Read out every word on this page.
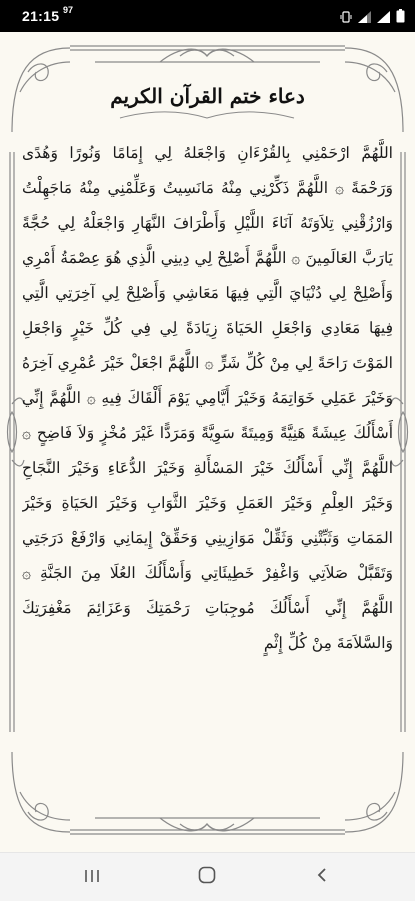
21:15 97
دعاء ختم القرآن الكريم
اللَّهُمَّ ارْحَمْنِي بِالقُرْءَانِ وَاجْعَلهُ لِي إِمَامًا وَنُورًا وَهُدًى وَرَحْمَةً ۞ اللَّهُمَّ ذَكِّرْنِي مِنْهُ مَانَسِيتُ وَعَلِّمْنِي مِنْهُ مَاجَهِلْتُ وَارْزُقْنِي تِلاَوَتَهُ آنَاءَ اللَّيْلِ وَأَطْرَافَ النَّهَارِ وَاجْعَلْهُ لِي حُجَّةً يَارَبَّ العَالَمِينَ ۞ اللَّهُمَّ أَصْلِحْ لِي دِينِي الَّذِي هُوَ عِصْمَةُ أَمْرِي وَأَصْلِحْ لِي دُنْيَايَ الَّتِي فِيهَا مَعَاشِي وَأَصْلِحْ لِي آخِرَتِي الَّتِي فِيهَا مَعَادِي وَاجْعَلِ الحَيَاةَ زِيَادَةً لِي فِي كُلِّ خَيْرٍ وَاجْعَلِ المَوْتَ رَاحَةً لِي مِنْ كُلِّ شَرٍّ ۞ اللَّهُمَّ اجْعَلْ خَيْرَ عُمْرِي آخِرَهُ وَخَيْرَ عَمَلِي خَوَاتِمَهُ وَخَيْرَ أَيَّامِي يَوْمَ أَلْقَاكَ فِيهِ ۞ اللَّهُمَّ إِنِّي أَسْأَلُكَ عِيشَةً هَنِيَّةً وَمِيتَةً سَوِيَّةً وَمَرَدًّا غَيْرَ مُخْزٍ وَلاَ فَاضِحٍ ۞ اللَّهُمَّ إِنِّي أَسْأَلُكَ خَيْرَ المَسْأَلةِ وَخَيْرَ الدُّعَاءِ وَخَيْرَ النَّجَاحِ وَخَيْرَ العِلْمِ وَخَيْرَ العَمَلِ وَخَيْرَ الثَّوَابِ وَخَيْرَ الحَيَاةِ وَخَيْرَ المَمَاتِ وَثَبِّتْنِي وَثَقِّلْ مَوَازِينِي وَحَقِّقْ إِيمَانِي وَارْفَعْ دَرَجَتِي وَتَقَبَّلْ صَلاَتِي وَاغْفِرْ خَطِيئَاتِي وَأَسْأَلُكَ العُلَا مِنَ الجَنَّةِ ۞ اللَّهُمَّ إِنِّي أَسْأَلُكَ مُوجِبَاتِ رَحْمَتِكَ وَعَزَائِمَ مَغْفِرَتِكَ وَالسَّلاَمَةَ مِنْ كُلِّ إِثْمٍ
